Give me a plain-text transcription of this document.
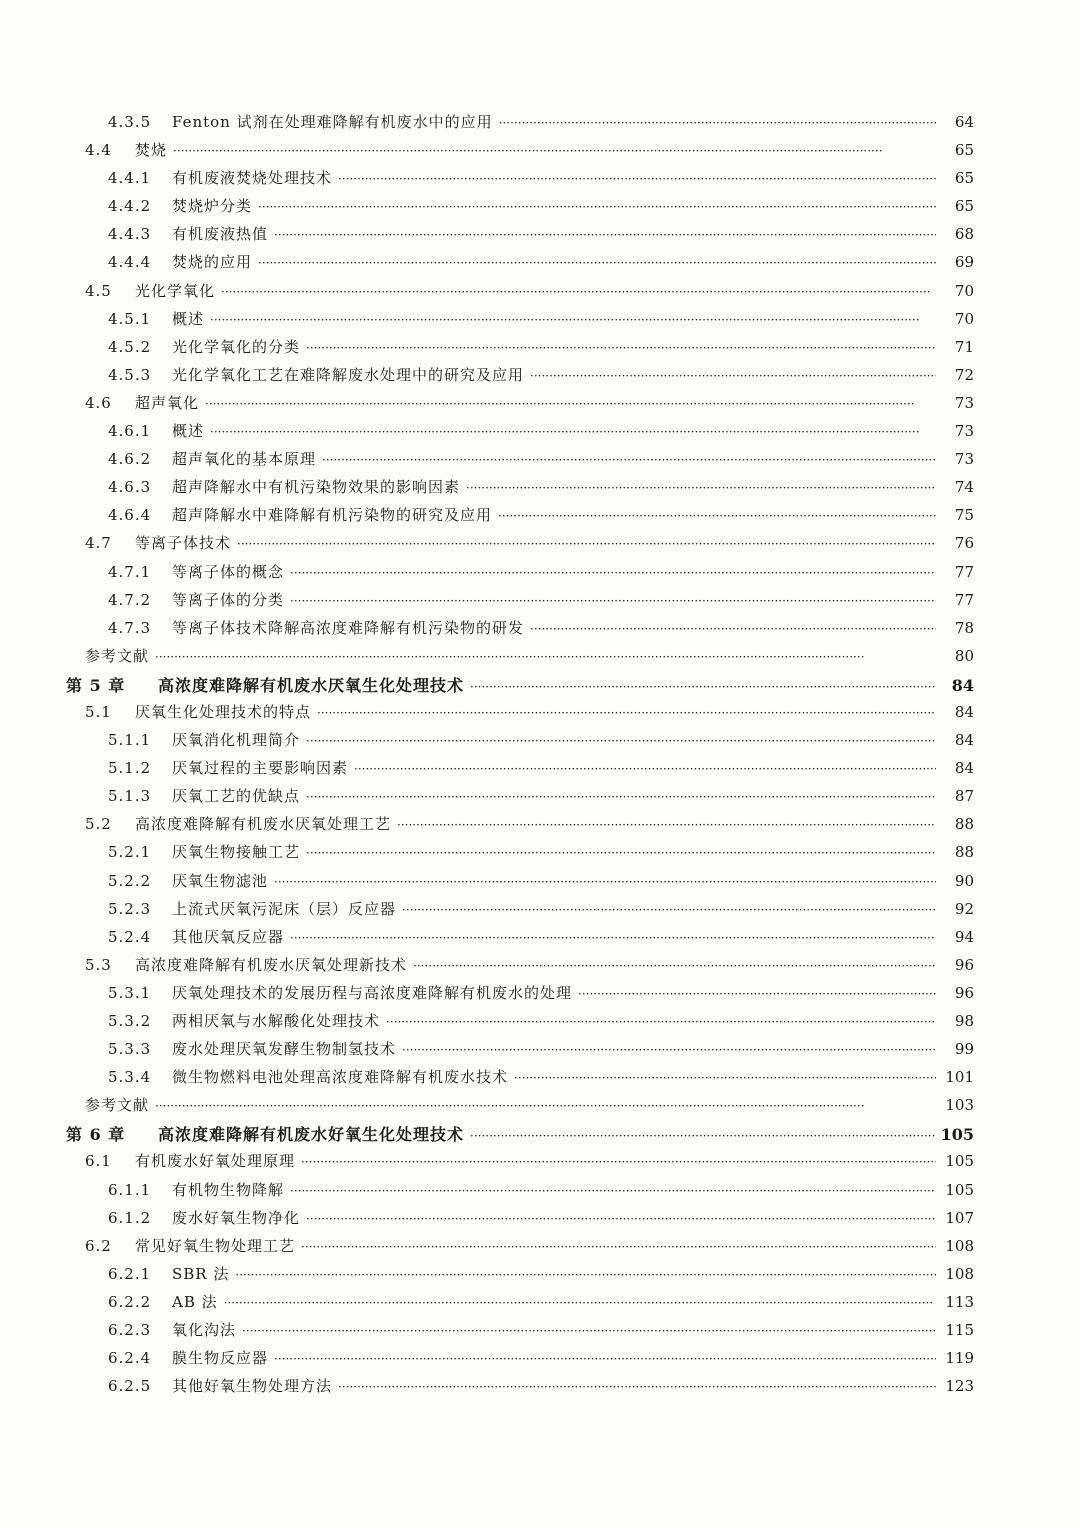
4.3.5	Fenton 试剂在处理难降解有机废水中的应用 ·····	64
4.4	焚烧 ·····	65
4.4.1	有机废液焚烧处理技术 ·····	65
4.4.2	焚烧炉分类 ·····	65
4.4.3	有机废液热值 ·····	68
4.4.4	焚烧的应用 ·····	69
4.5	光化学氧化 ·····	70
4.5.1	概述 ·····	70
4.5.2	光化学氧化的分类 ·····	71
4.5.3	光化学氧化工艺在难降解废水处理中的研究及应用 ·····	72
4.6	超声氧化 ·····	73
4.6.1	概述 ·····	73
4.6.2	超声氧化的基本原理 ·····	73
4.6.3	超声降解水中有机污染物效果的影响因素 ·····	74
4.6.4	超声降解水中难降解有机污染物的研究及应用 ·····	75
4.7	等离子体技术 ·····	76
4.7.1	等离子体的概念 ·····	77
4.7.2	等离子体的分类 ·····	77
4.7.3	等离子体技术降解高浓度难降解有机污染物的研发 ·····	78
参考文献 ·····	80
第 5 章	高浓度难降解有机废水厌氧生化处理技术 ·····	84
5.1	厌氧生化处理技术的特点 ·····	84
5.1.1	厌氧消化机理简介 ·····	84
5.1.2	厌氧过程的主要影响因素 ·····	84
5.1.3	厌氧工艺的优缺点 ·····	87
5.2	高浓度难降解有机废水厌氧处理工艺 ·····	88
5.2.1	厌氧生物接触工艺 ·····	88
5.2.2	厌氧生物滤池 ·····	90
5.2.3	上流式厌氧污泥床（层）反应器 ·····	92
5.2.4	其他厌氧反应器 ·····	94
5.3	高浓度难降解有机废水厌氧处理新技术 ·····	96
5.3.1	厌氧处理技术的发展历程与高浓度难降解有机废水的处理 ·····	96
5.3.2	两相厌氧与水解酸化处理技术 ·····	98
5.3.3	废水处理厌氧发酵生物制氢技术 ·····	99
5.3.4	微生物燃料电池处理高浓度难降解有机废水技术 ·····	101
参考文献 ·····	103
第 6 章	高浓度难降解有机废水好氧生化处理技术 ·····	105
6.1	有机废水好氧处理原理 ·····	105
6.1.1	有机物生物降解 ·····	105
6.1.2	废水好氧生物净化 ·····	107
6.2	常见好氧生物处理工艺 ·····	108
6.2.1	SBR 法 ·····	108
6.2.2	AB 法 ·····	113
6.2.3	氧化沟法 ·····	115
6.2.4	膜生物反应器 ·····	119
6.2.5	其他好氧生物处理方法 ·····	123
